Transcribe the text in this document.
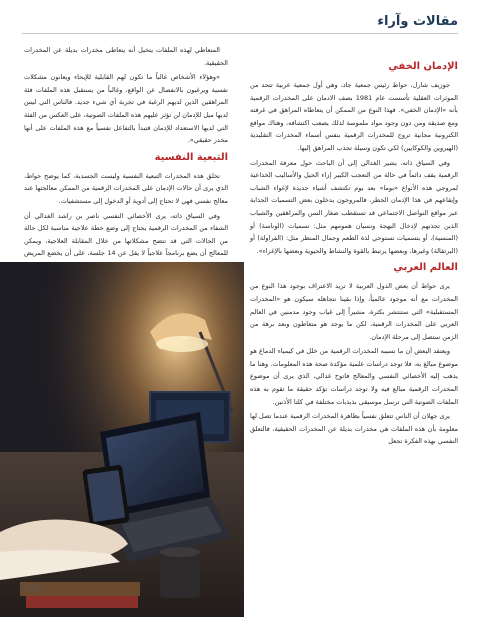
مقالات وآراء
الإدمان الخفي

جوزيف شارل، حواط رئيس جمعية جاد، وهي أول جمعية عربية تتحد من الموثرات العقلية تأسست عام 1981 بصف الادمان على المخدرات الرقمية بأنه «الإدمان الخفي». فهذا النوع من الممكن أن يتعاطاه المراهق في غرفته ومع صديقه ومن دون وجود مواد ملموسة لذلك يصعب اكتشافه، وهناك مواقع الكترونية مجانية تروج للمخدرات الرقمية بنفس أسماء المخدرات التقليدية (الهيروين والكوكايين) لكي تكون وسيلة تجذب المراهق إليها.

وفي السياق ذاته، يشير الغدالي إلى أن الباحث حول معرفة المخدرات الرقمية يقف دائماً في حالة من التعجب الكبير إزاء الحيل والأساليب الخداعية لمروجي هذه الأنواع «بوما» بعد يوم تكتشف أشياء جديدة لإغواء الشباب وإيقاعهم في هذا الإدمان الخطر، فالمروجون يدخلون بعض التسميات الجذابة عبر مواقع التواصل الاجتماعي قد تستقطب صغار السن والمراهقين والشباب الذين تجذبهم لإدخال البهجة ونسيان همومهم مثل: تسميات (الوناسة) أو (المنسية)، أو بتسميات تستوحي لذة الطعم وجمال المنظر مثل: (الفراولة) أو (البرتقالة) وغيرها، وبعضها يرتبط بالقوة والنشاط والحيوية وبعضها بالإغراء».

العالم العربي

يرى حواط أن بعض الدول العربية لا تريد الاعتراف بوجود هذا النوع من المخدرات مع أنه موجود عالمياً، وإذا بقينا نتجاهله سيكون هو «المخدرات المستقبلية» التي ستنتشر بكثرة، مشيراً إلى غياب وجود مدمنين في العالم العربي على المخدرات الرقمية، لكن ما يوجد هو متعاطون وبعد برهة من الزمن ستصل إلى مرحلة الإدمان.

ويعتقد البعض أن ما تسببه المخدرات الرقمية من خلل في كيمياء الدماغ هو موضوع مبالغ به، فلا توجد دراسات علمية مؤكدة صحة هذه المعلومات. وهنا ما يذهب إليه الأخصائي النفسي والمعالج فاتوح غدالي، الذي يرى أن موضوع المخدرات الرقمية مبالغ فيه ولا توجد دراسات تؤكد حقيقة ما تقوم به هذه الملفات الصوتية التي ترسل موسيقى بذبذبات مختلفة في كلتا الأذنين.

يرى جهلان أن الناس تتعلق نفسياً بظاهرة المخدرات الرقمية عندما تصل لها معلومة بأن هذه الملفات هي مخدرات بديلة عن المخدرات الحقيقية، فالتعلق النفسي بهذه الفكرة تجعل

المتعاطي لهذه الملفات يتخيل أنه يتعاطى مخدرات بديلة عن المخدرات الحقيقية.

«وهؤلاء الأشخاص غالباً ما تكون لهم القابلية للإيحاء ويعانون مشكلات نفسية ويرغبون بالانفصال عن الواقع، وغالباً من يستقبل هذه الملفات فئة المراهقين الذين لديهم الرغبة في تجربة أي شيء جديد. فالناس التي ليس لديها ميل للإدمان لن تؤثر عليهم هذه الملفات الصوتية، على العكس من الفئة التي لديها الاستعداد للإدمان فتبدأ بالتفاعل نفسياً مع هذه الملفات على أنها مخدر حقيقي».

التبعية النفسية

تخلق هذه المخدرات التبعية النفسية وليست الجسدية، كما يوضح حواط، الذي يرى أن حالات الإدمان على المخدرات الرقمية من الممكن معالجتها عند معالج نفسي فهي لا تحتاج إلى أدوية أو الدخول إلى مستشفيات.

وفي السياق ذاته، يرى الأخصائي النفسي ناصر بن راشد الغدالي أن الشفاء من المخدرات الرقمية يحتاج إلى وضع خطة علاجية مناسبة لكل حالة من الحالات التي قد تتضح مشكلاتها من خلال المقابلة العلاجية، ويمكن للمعالج أن يضع برنامجاً علاجياً لا يقل عن 14 جلسة، على أن يخضع المريض

128
